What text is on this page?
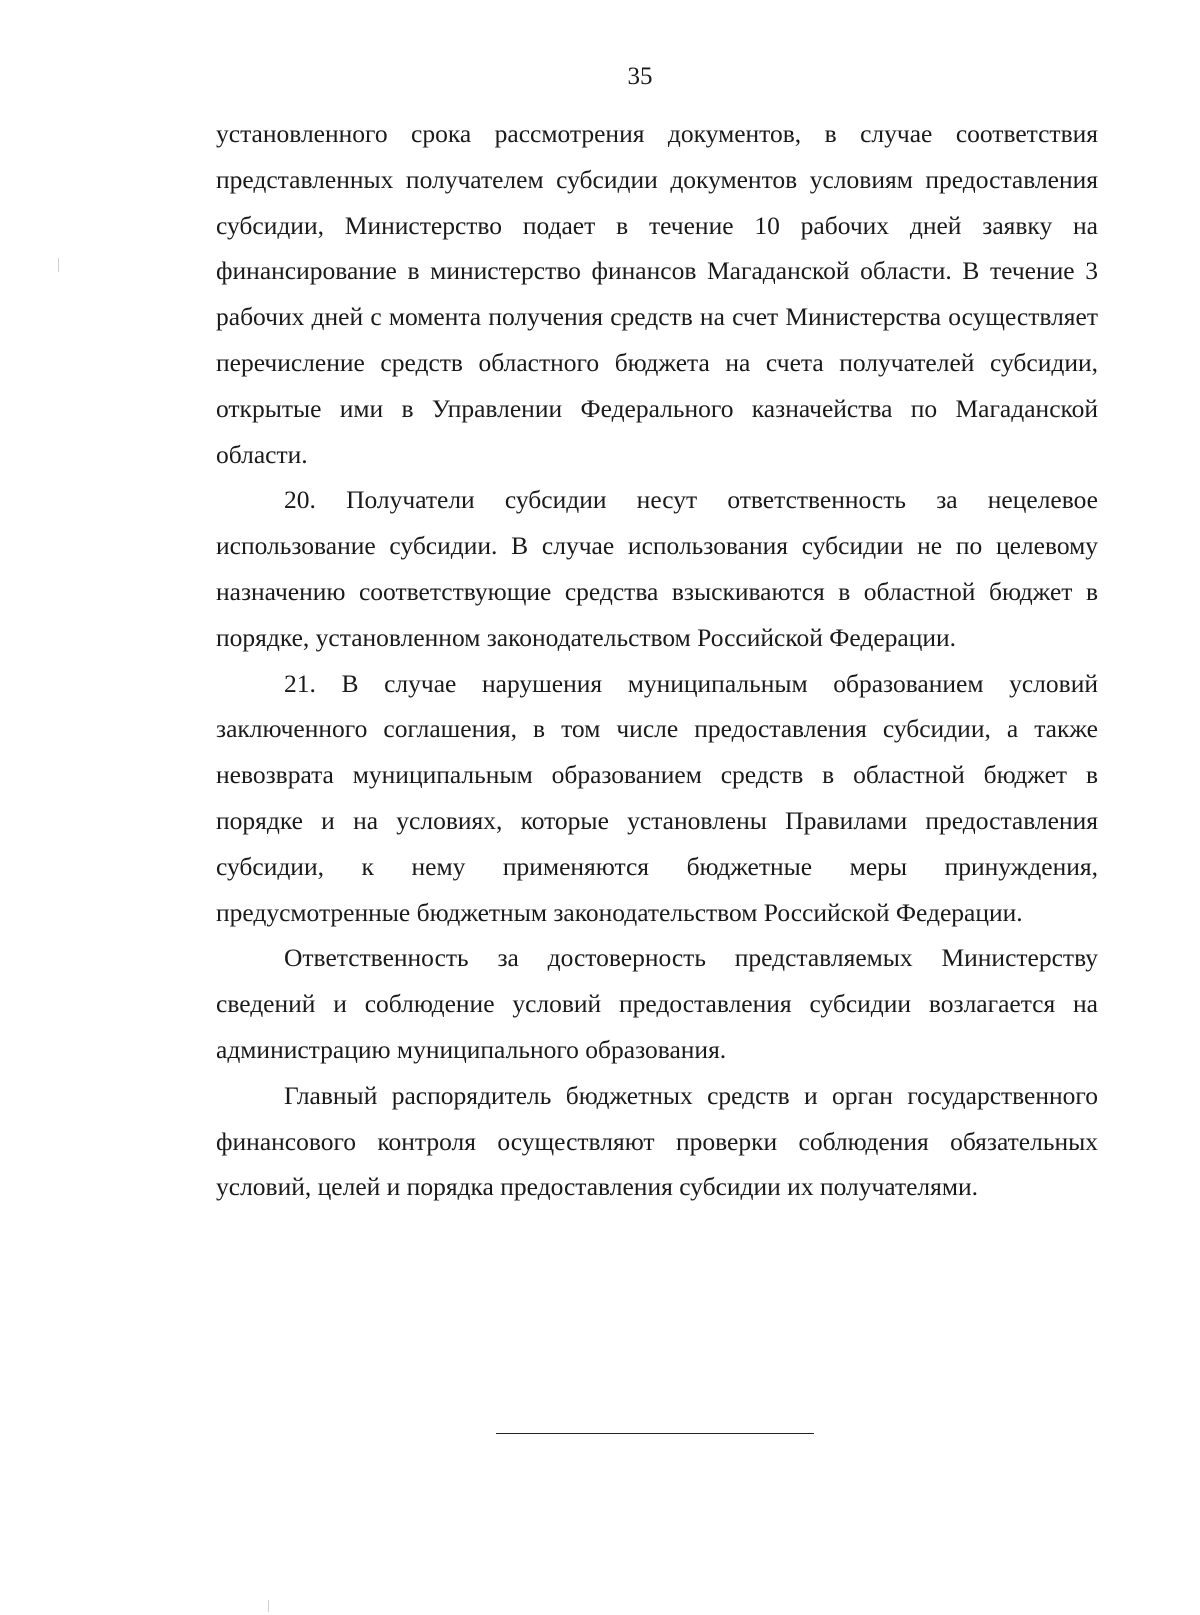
35

установленного срока рассмотрения документов, в случае соответствия представленных получателем субсидии документов условиям предоставления субсидии, Министерство подает в течение 10 рабочих дней заявку на финансирование в министерство финансов Магаданской области. В течение 3 рабочих дней с момента получения средств на счет Министерства осуществляет перечисление средств областного бюджета на счета получателей субсидии, открытые ими в Управлении Федерального казначейства по Магаданской области.

20. Получатели субсидии несут ответственность за нецелевое использование субсидии. В случае использования субсидии не по целевому назначению соответствующие средства взыскиваются в областной бюджет в порядке, установленном законодательством Российской Федерации.

21. В случае нарушения муниципальным образованием условий заключенного соглашения, в том числе предоставления субсидии, а также невозврата муниципальным образованием средств в областной бюджет в порядке и на условиях, которые установлены Правилами предоставления субсидии, к нему применяются бюджетные меры принуждения, предусмотренные бюджетным законодательством Российской Федерации.

Ответственность за достоверность представляемых Министерству сведений и соблюдение условий предоставления субсидии возлагается на администрацию муниципального образования.

Главный распорядитель бюджетных средств и орган государственного финансового контроля осуществляют проверки соблюдения обязательных условий, целей и порядка предоставления субсидии их получателями.
